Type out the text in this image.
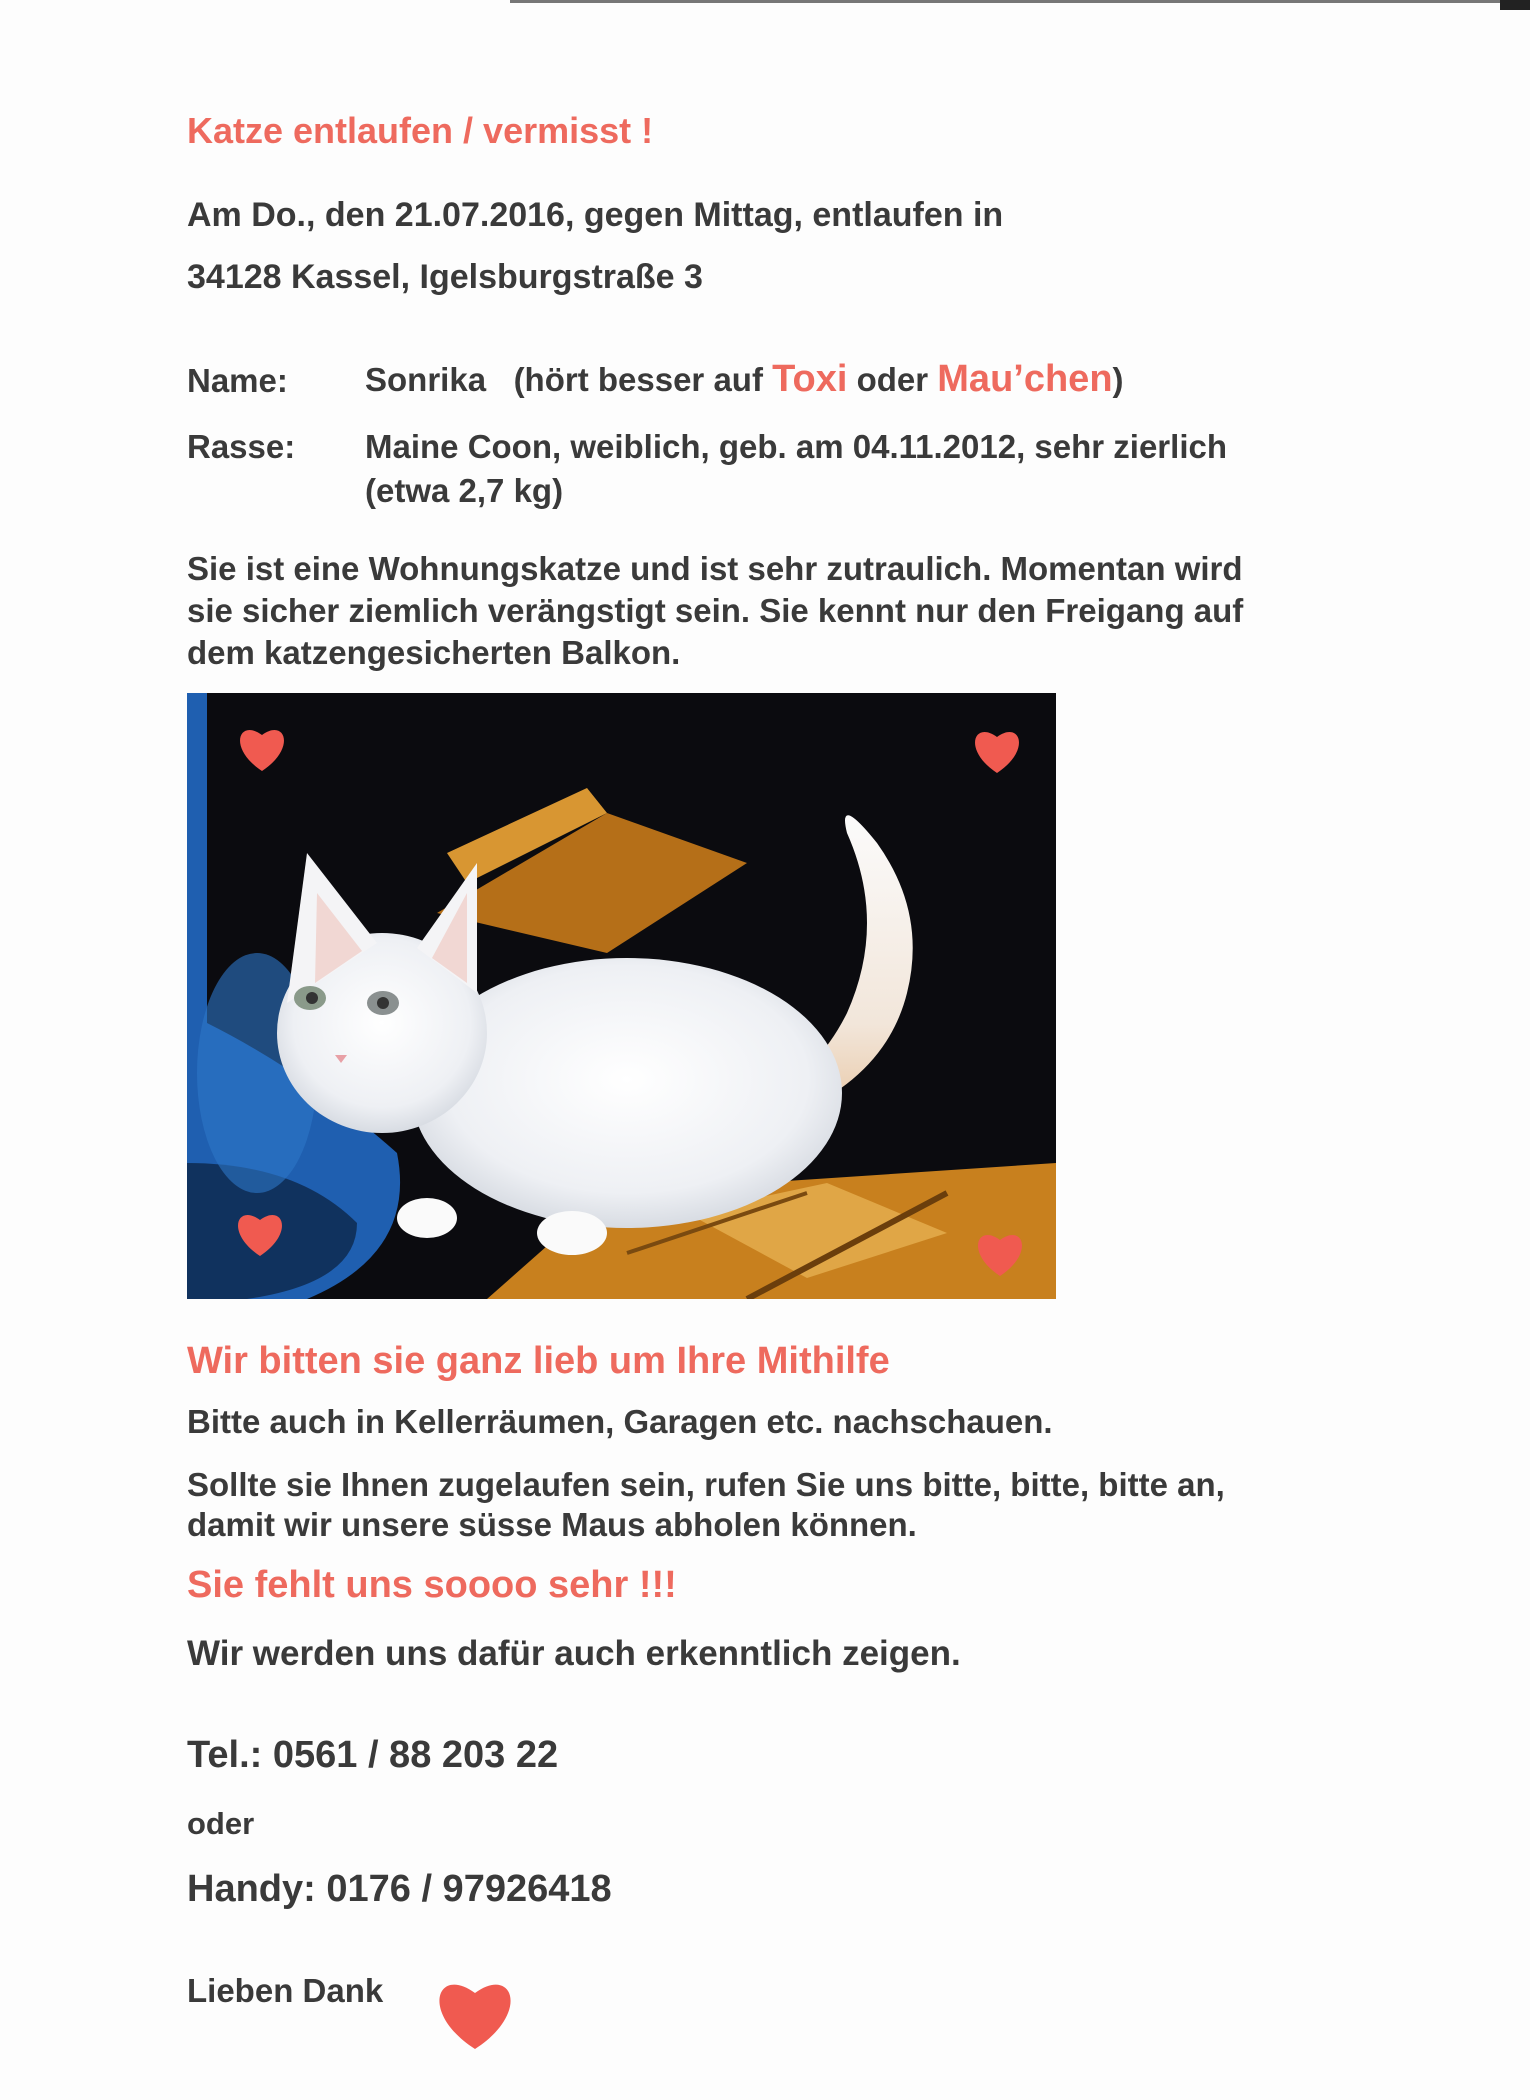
Katze entlaufen / vermisst !
Am Do., den 21.07.2016, gegen Mittag, entlaufen in
34128 Kassel, Igelsburgstraße 3
Name: Sonrika (hört besser auf Toxi oder Mau’chen)
Rasse: Maine Coon, weiblich, geb. am 04.11.2012, sehr zierlich
(etwa 2,7 kg)
Sie ist eine Wohnungskatze und ist sehr zutraulich. Momentan wird
sie sicher ziemlich verängstigt sein. Sie kennt nur den Freigang auf
dem katzengesicherten Balkon.
Wir bitten sie ganz lieb um Ihre Mithilfe
Bitte auch in Kellerräumen, Garagen etc. nachschauen.
Sollte sie Ihnen zugelaufen sein, rufen Sie uns bitte, bitte, bitte an,
damit wir unsere süsse Maus abholen können.
Sie fehlt uns soooo sehr !!!
Wir werden uns dafür auch erkenntlich zeigen.
Tel.: 0561 / 88 203 22
oder
Handy: 0176 / 97926418
Lieben Dank
